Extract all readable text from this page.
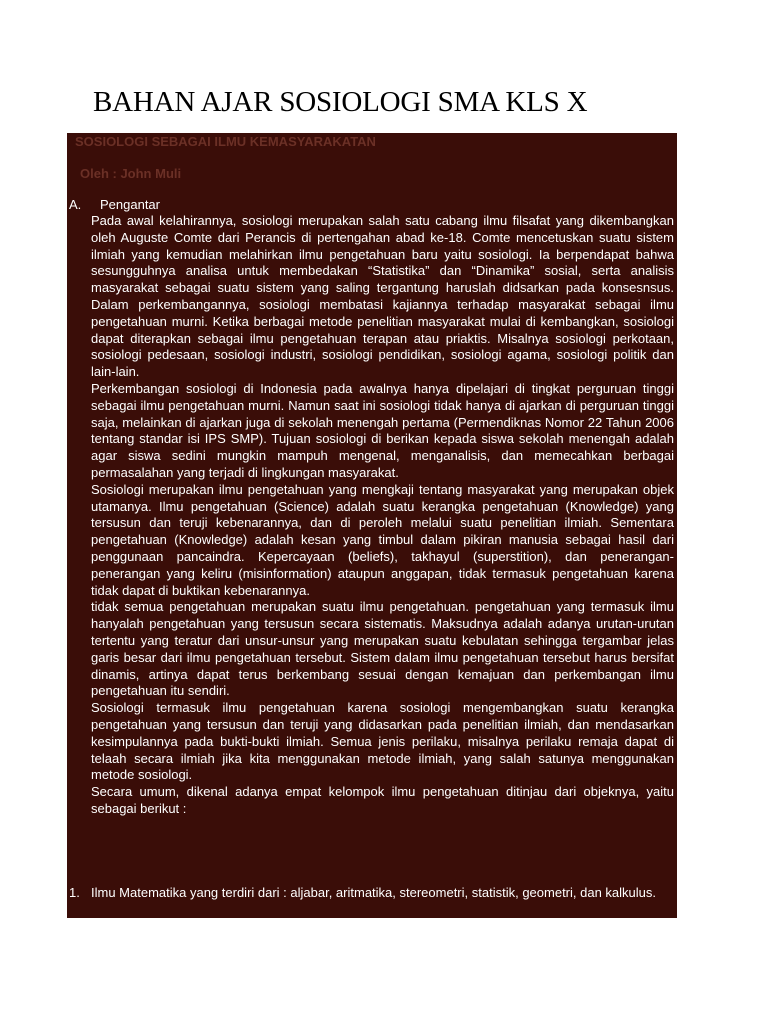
BAHAN AJAR SOSIOLOGI SMA KLS X
SOSIOLOGI SEBAGAI ILMU KEMASYARAKATAN
Oleh : John Muli
A. Pengantar

Pada awal kelahirannya, sosiologi merupakan salah satu cabang ilmu filsafat yang dikembangkan oleh Auguste Comte dari Perancis di pertengahan abad ke-18. Comte mencetuskan suatu sistem ilmiah yang kemudian melahirkan ilmu pengetahuan baru yaitu sosiologi. Ia berpendapat bahwa sesungguhnya analisa untuk membedakan “Statistika” dan “Dinamika” sosial, serta analisis masyarakat sebagai suatu sistem yang saling tergantung haruslah didsarkan pada konsesnsus. Dalam perkembangannya, sosiologi membatasi kajiannya terhadap masyarakat sebagai ilmu pengetahuan murni. Ketika berbagai metode penelitian masyarakat mulai di kembangkan, sosiologi dapat diterapkan sebagai ilmu pengetahuan terapan atau priaktis. Misalnya sosiologi perkotaan, sosiologi pedesaan, sosiologi industri, sosiologi pendidikan, sosiologi agama, sosiologi politik dan lain-lain.

Perkembangan sosiologi di Indonesia pada awalnya hanya dipelajari di tingkat perguruan tinggi sebagai ilmu pengetahuan murni. Namun saat ini sosiologi tidak hanya di ajarkan di perguruan tinggi saja, melainkan di ajarkan juga di sekolah menengah pertama (Permendiknas Nomor 22 Tahun 2006 tentang standar isi IPS SMP). Tujuan sosiologi di berikan kepada siswa sekolah menengah adalah agar siswa sedini mungkin mampuh mengenal, menganalisis, dan memecahkan berbagai permasalahan yang terjadi di lingkungan masyarakat.

Sosiologi merupakan ilmu pengetahuan yang mengkaji tentang masyarakat yang merupakan objek utamanya. Ilmu pengetahuan (Science) adalah suatu kerangka pengetahuan (Knowledge) yang tersusun dan teruji kebenarannya, dan di peroleh melalui suatu penelitian ilmiah. Sementara pengetahuan (Knowledge) adalah kesan yang timbul dalam pikiran manusia sebagai hasil dari penggunaan pancaindra. Kepercayaan (beliefs), takhayul (superstition), dan penerangan-penerangan yang keliru (misinformation) ataupun anggapan, tidak termasuk pengetahuan karena tidak dapat di buktikan kebenarannya.

tidak semua pengetahuan merupakan suatu ilmu pengetahuan. pengetahuan yang termasuk ilmu hanyalah pengetahuan yang tersusun secara sistematis. Maksudnya adalah adanya urutan-urutan tertentu yang teratur dari unsur-unsur yang merupakan suatu kebulatan sehingga tergambar jelas garis besar dari ilmu pengetahuan tersebut. Sistem dalam ilmu pengetahuan tersebut harus bersifat dinamis, artinya dapat terus berkembang sesuai dengan kemajuan dan perkembangan ilmu pengetahuan itu sendiri.

Sosiologi termasuk ilmu pengetahuan karena sosiologi mengembangkan suatu kerangka pengetahuan yang tersusun dan teruji yang didasarkan pada penelitian ilmiah, dan mendasarkan kesimpulannya pada bukti-bukti ilmiah. Semua jenis perilaku, misalnya perilaku remaja dapat di telaah secara ilmiah jika kita menggunakan metode ilmiah, yang salah satunya menggunakan metode sosiologi.

Secara umum, dikenal adanya empat kelompok ilmu pengetahuan ditinjau dari objeknya, yaitu sebagai berikut :

1. Ilmu Matematika yang terdiri dari : aljabar, aritmatika, stereometri, statistik, geometri, dan kalkulus.
